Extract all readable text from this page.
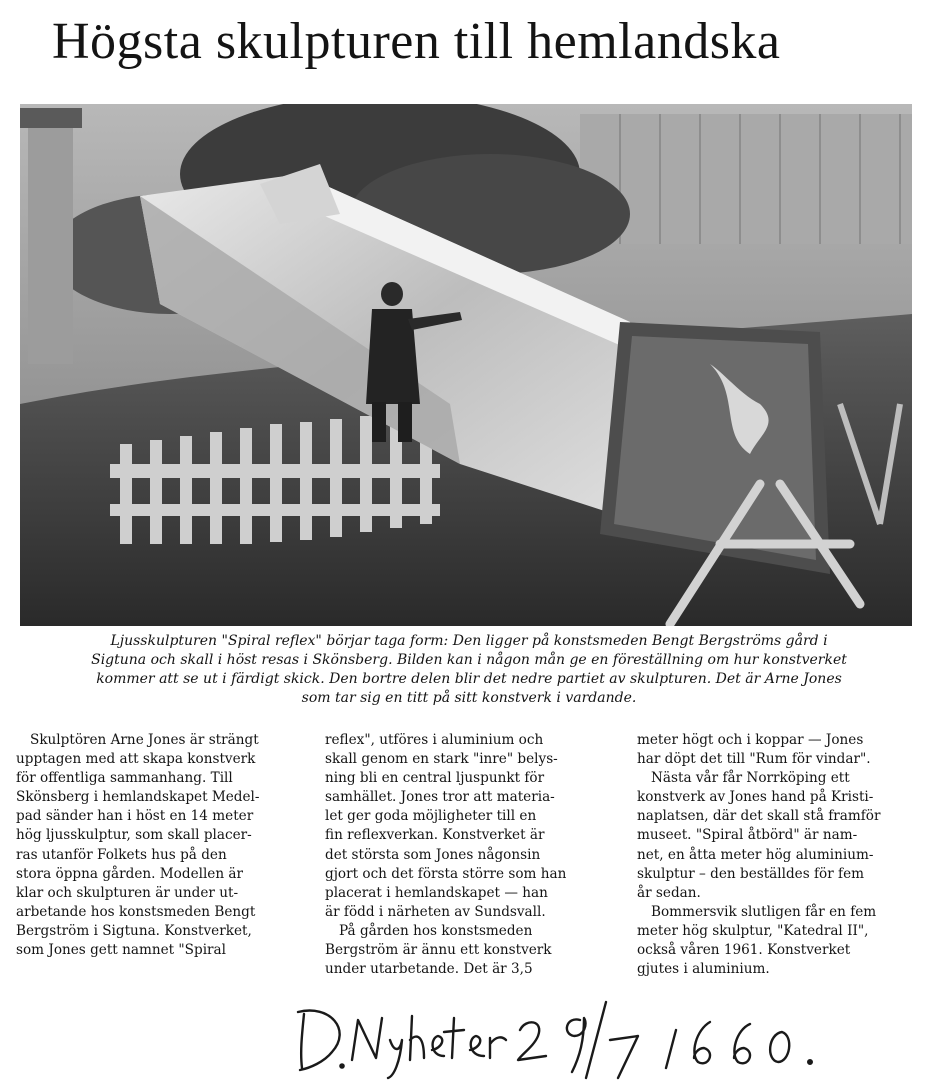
Högsta skulpturen till hemlandska

Ljusskulpturen "Spiral reflex" börjar taga form: Den ligger på konstsmeden Bengt Bergströms gård i
Sigtuna och skall i höst resas i Skönsberg. Bilden kan i någon mån ge en föreställning om hur konstverket
kommer att se ut i färdigt skick. Den bortre delen blir det nedre partiet av skulpturen. Det är Arne Jones
som tar sig en titt på sitt konstverk i vardande.

Skulptören Arne Jones är strängt
upptagen med att skapa konstverk
för offentliga sammanhang. Till
Skönsberg i hemlandskapet Medel-
pad sänder han i höst en 14 meter
hög ljusskulptur, som skall placer-
ras utanför Folkets hus på den
stora öppna gården. Modellen är
klar och skulpturen är under ut-
arbetande hos konstsmeden Bengt
Bergström i Sigtuna. Konstverket,
som Jones gett namnet "Spiral
reflex", utföres i aluminium och
skall genom en stark "inre" belys-
ning bli en central ljuspunkt för
samhället. Jones tror att materia-
let ger goda möjligheter till en
fin reflexverkan. Konstverket är
det största som Jones någonsin
gjort och det första större som han
placerat i hemlandskapet — han
är född i närheten av Sundsvall.
På gården hos konstsmeden
Bergström är ännu ett konstverk
under utarbetande. Det är 3,5
meter högt och i koppar — Jones
har döpt det till "Rum för vindar".
Nästa vår får Norrköping ett
konstverk av Jones hand på Kristi-
naplatsen, där det skall stå framför
museet. "Spiral åtbörd" är nam-
net, en åtta meter hög aluminium-
skulptur – den beställdes för fem
år sedan.
Bommersvik slutligen får en fem
meter hög skulptur, "Katedral II",
också våren 1961. Konstverket
gjutes i aluminium.
